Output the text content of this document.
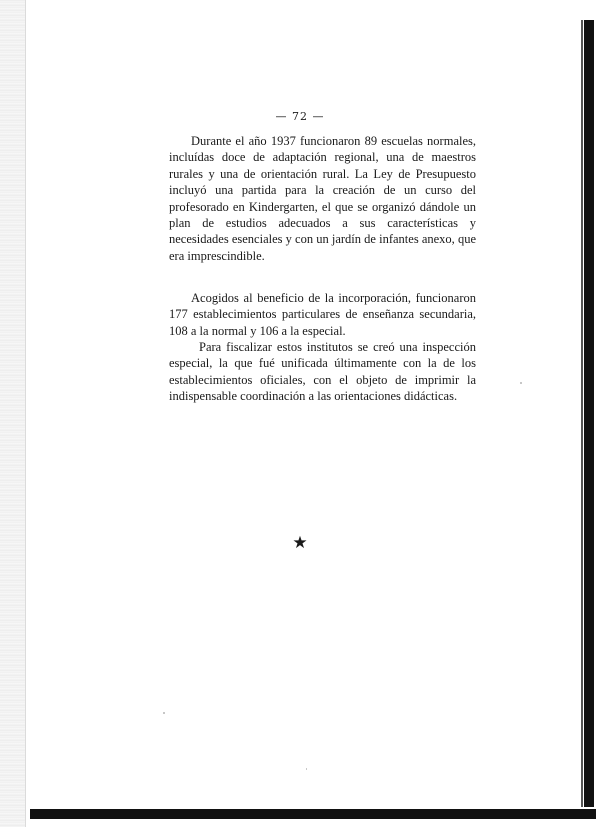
— 72 —

Durante el año 1937 funcionaron 89 escuelas normales, incluídas doce de adaptación regional, una de maestros rurales y una de orientación rural. La Ley de Presupuesto incluyó una partida para la creación de un curso del profesorado en Kindergarten, el que se organizó dándole un plan de estudios adecuados a sus características y necesidades esenciales y con un jardín de infantes anexo, que era imprescindible.

Acogidos al beneficio de la incorporación, funcionaron 177 establecimientos particulares de enseñanza secundaria, 108 a la normal y 106 a la especial.

Para fiscalizar estos institutos se creó una inspección especial, la que fué unificada últimamente con la de los establecimientos oficiales, con el objeto de imprimir la indispensable coordinación a las orientaciones didácticas.

★
